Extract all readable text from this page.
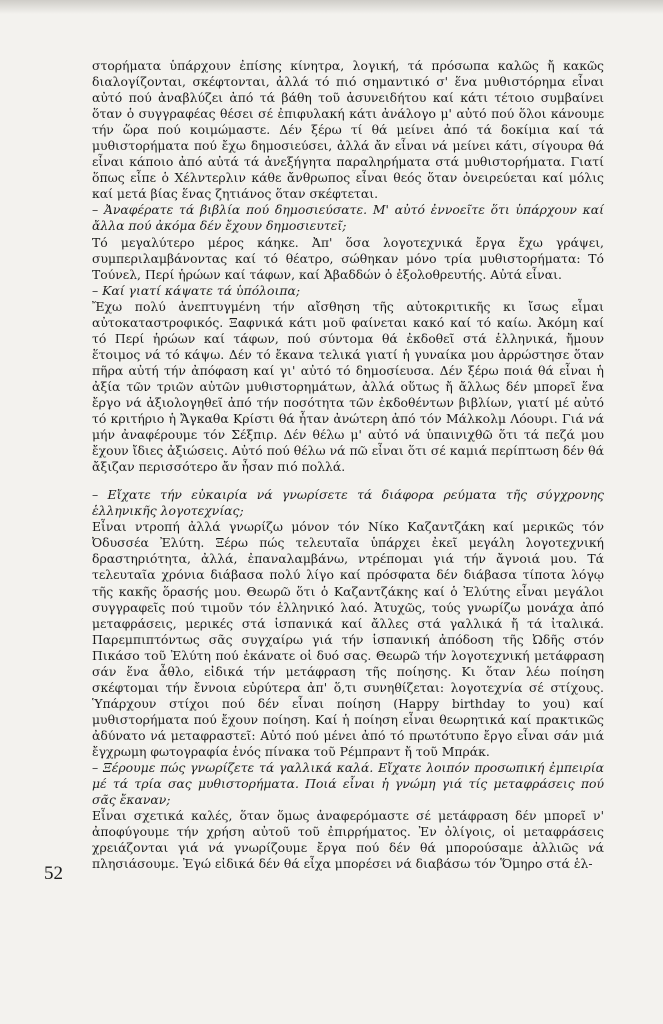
στορήματα ὑπάρχουν ἐπίσης κίνητρα, λογική, τά πρόσωπα καλῶς ἤ κακῶς διαλογίζονται, σκέφτονται, ἀλλά τό πιό σημαντικό σ' ἕνα μυθιστόρημα εἶναι αὐτό πού ἀναβλύζει ἀπό τά βάθη τοῦ ἀσυνειδήτου καί κάτι τέτοιο συμβαίνει ὅταν ὁ συγγραφέας θέσει σέ ἐπιφυλακή κάτι ἀνάλογο μ' αὐτό πού ὅλοι κάνουμε τήν ὥρα πού κοιμώμαστε. Δέν ξέρω τί θά μείνει ἀπό τά δοκίμια καί τά μυθιστορήματα πού ἔχω δημοσιεύσει, ἀλλά ἄν εἶναι νά μείνει κάτι, σίγουρα θά εἶναι κάποιο ἀπό αὐτά τά ἀνεξήγητα παραληρήματα στά μυθιστορήματα. Γιατί ὅπως εἶπε ὁ Χέλντερλιν κάθε ἄνθρωπος εἶναι θεός ὅταν ὀνειρεύεται καί μόλις καί μετά βίας ἕνας ζητιάνος ὅταν σκέφτεται.

– Ἀναφέρατε τά βιβλία πού δημοσιεύσατε. Μ' αὐτό ἐννοεῖτε ὅτι ὑπάρχουν καί ἄλλα πού ἀκόμα δέν ἔχουν δημοσιευτεῖ;

Τό μεγαλύτερο μέρος κάηκε. Ἀπ' ὅσα λογοτεχνικά ἔργα ἔχω γράψει, συμπεριλαμβάνοντας καί τό θέατρο, σώθηκαν μόνο τρία μυθιστορήματα: Τό Τούνελ, Περί ἡρώων καί τάφων, καί Ἀβαδδών ὁ ἐξολοθρευτής. Αὐτά εἶναι.

– Καί γιατί κάψατε τά ὑπόλοιπα;

Ἔχω πολύ ἀνεπτυγμένη τήν αἴσθηση τῆς αὐτοκριτικῆς κι ἴσως εἶμαι αὐτοκαταστροφικός. Ξαφνικά κάτι μοῦ φαίνεται κακό καί τό καίω. Ἀκόμη καί τό Περί ἡρώων καί τάφων, πού σύντομα θά ἐκδοθεῖ στά ἑλληνικά, ἤμουν ἕτοιμος νά τό κάψω. Δέν τό ἔκανα τελικά γιατί ἡ γυναίκα μου ἀρρώστησε ὅταν πῆρα αὐτή τήν ἀπόφαση καί γι' αὐτό τό δημοσίευσα. Δέν ξέρω ποιά θά εἶναι ἡ ἀξία τῶν τριῶν αὐτῶν μυθιστορημάτων, ἀλλά οὕτως ἤ ἄλλως δέν μπορεῖ ἕνα ἔργο νά ἀξιολογηθεῖ ἀπό τήν ποσότητα τῶν ἐκδοθέντων βιβλίων, γιατί μέ αὐτό τό κριτήριο ἡ Ἄγκαθα Κρίστι θά ἦταν ἀνώτερη ἀπό τόν Μάλκολμ Λόουρι. Γιά νά μήν ἀναφέρουμε τόν Σέξπιρ. Δέν θέλω μ' αὐτό νά ὑπαινιχθῶ ὅτι τά πεζά μου ἔχουν ἴδιες ἀξιώσεις. Αὐτό πού θέλω νά πῶ εἶναι ὅτι σέ καμιά περίπτωση δέν θά ἄξιζαν περισσότερο ἄν ἦσαν πιό πολλά.

– Εἴχατε τήν εὐκαιρία νά γνωρίσετε τά διάφορα ρεύματα τῆς σύγχρονης ἑλληνικῆς λογοτεχνίας;

Εἶναι ντροπή ἀλλά γνωρίζω μόνον τόν Νίκο Καζαντζάκη καί μερικῶς τόν Ὀδυσσέα Ἐλύτη. Ξέρω πώς τελευταῖα ὑπάρχει ἐκεῖ μεγάλη λογοτεχνική δραστηριότητα, ἀλλά, ἐπαναλαμβάνω, ντρέπομαι γιά τήν ἄγνοιά μου. Τά τελευταῖα χρόνια διάβασα πολύ λίγο καί πρόσφατα δέν διάβασα τίποτα λόγῳ τῆς κακῆς ὅρασής μου. Θεωρῶ ὅτι ὁ Καζαντζάκης καί ὁ Ἐλύτης εἶναι μεγάλοι συγγραφεῖς πού τιμοῦν τόν ἑλληνικό λαό. Ἀτυχῶς, τούς γνωρίζω μονάχα ἀπό μεταφράσεις, μερικές στά ἱσπανικά καί ἄλλες στά γαλλικά ἤ τά ἰταλικά. Παρεμπιπτόντως σᾶς συγχαίρω γιά τήν ἱσπανική ἀπόδοση τῆς Ὠδῆς στόν Πικάσο τοῦ Ἐλύτη πού ἐκάνατε οἱ δυό σας. Θεωρῶ τήν λογοτεχνική μετάφραση σάν ἕνα ἆθλο, εἰδικά τήν μετάφραση τῆς ποίησης. Κι ὅταν λέω ποίηση σκέφτομαι τήν ἔννοια εὐρύτερα ἀπ' ὅ,τι συνηθίζεται: λογοτεχνία σέ στίχους. Ὑπάρχουν στίχοι πού δέν εἶναι ποίηση (Happy birthday to you) καί μυθιστορήματα πού ἔχουν ποίηση. Καί ἡ ποίηση εἶναι θεωρητικά καί πρακτικῶς ἀδύνατο νά μεταφραστεῖ: Αὐτό πού μένει ἀπό τό πρωτότυπο ἔργο εἶναι σάν μιά ἔγχρωμη φωτογραφία ἑνός πίνακα τοῦ Ρέμπραντ ἤ τοῦ Μπράκ.

– Ξέρουμε πώς γνωρίζετε τά γαλλικά καλά. Εἴχατε λοιπόν προσωπική ἐμπειρία μέ τά τρία σας μυθιστορήματα. Ποιά εἶναι ἡ γνώμη γιά τίς μεταφράσεις πού σᾶς ἔκαναν;

Εἶναι σχετικά καλές, ὅταν ὅμως ἀναφερόμαστε σέ μετάφραση δέν μπορεῖ ν' ἀποφύγουμε τήν χρήση αὐτοῦ τοῦ ἐπιρρήματος. Ἐν ὀλίγοις, οἱ μεταφράσεις χρειάζονται γιά νά γνωρίζουμε ἔργα πού δέν θά μπορούσαμε ἀλλιῶς νά πλησιάσουμε. Ἐγώ εἰδικά δέν θά εἶχα μπορέσει νά διαβάσω τόν Ὅμηρο στά ἑλ-

52
